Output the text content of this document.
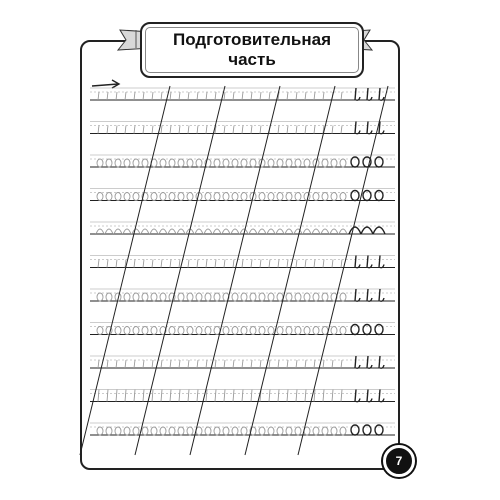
Подготовительная
часть
7
